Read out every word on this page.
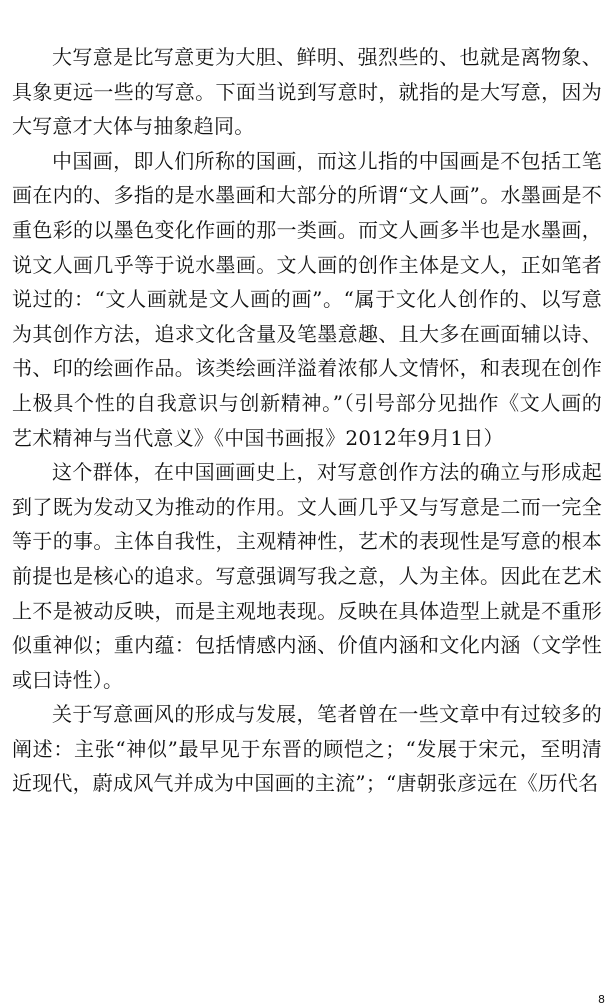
大写意是比写意更为大胆、鲜明、强烈些的、也就是离物象、具象更远一些的写意。下面当说到写意时，就指的是大写意，因为大写意才大体与抽象趋同。

中国画，即人们所称的国画，而这儿指的中国画是不包括工笔画在内的、多指的是水墨画和大部分的所谓“文人画”。水墨画是不重色彩的以墨色变化作画的那一类画。而文人画多半也是水墨画，说文人画几乎等于说水墨画。文人画的创作主体是文人，正如笔者说过的：“文人画就是文人画的画”。“属于文化人创作的、以写意为其创作方法，追求文化含量及笔墨意趣、且大多在画面辅以诗、书、印的绘画作品。该类绘画洋溢着浓郁人文情怀，和表现在创作上极具个性的自我意识与创新精神。”（引号部分见拙作《文人画的艺术精神与当代意义》《中国书画报》2012年9月1日）

这个群体，在中国画画史上，对写意创作方法的确立与形成起到了既为发动又为推动的作用。文人画几乎又与写意是二而一完全等于的事。主体自我性，主观精神性，艺术的表现性是写意的根本前提也是核心的追求。写意强调写我之意，人为主体。因此在艺术上不是被动反映，而是主观地表现。反映在具体造型上就是不重形似重神似；重内蕴：包括情感内涵、价值内涵和文化内涵（文学性或曰诗性）。

关于写意画风的形成与发展，笔者曾在一些文章中有过较多的阐述：主张“神似”最早见于东晋的顾恺之；“发展于宋元，至明清近现代，蔚成风气并成为中国画的主流”；“唐朝张彦远在《历代名

8
